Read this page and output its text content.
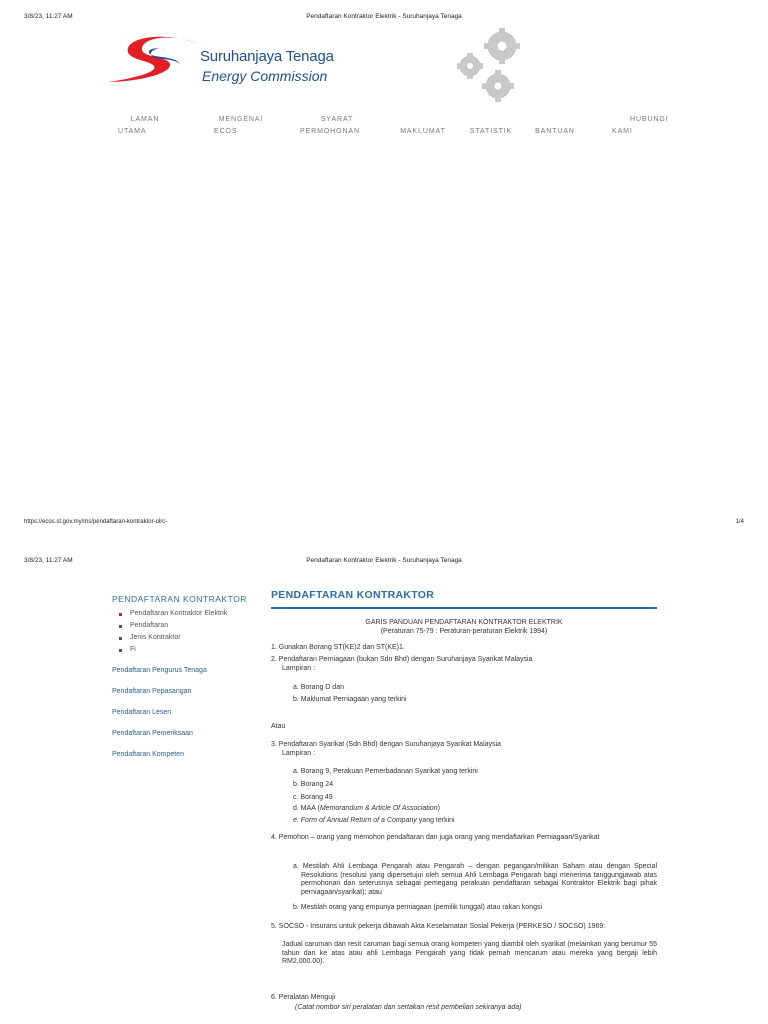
3/8/23, 11:27 AM	Pendaftaran Kontraktor Elektrik - Suruhanjaya Tenaga
Suruhanjaya Tenaga
Energy Commission
LAMAN
UTAMA
MENGENAI
ECOS
SYARAT
PERMOHONAN
	MAKLUMAT
	STATISTIK
	BANTUAN
HUBUNGI
KAMI
https://ecos.st.gov.my/ms/pendaftaran-kontraktor-olrc-	1/4
3/8/23, 11:27 AM	Pendaftaran Kontraktor Elektrik - Suruhanjaya Tenaga
PENDAFTARAN KONTRAKTOR
Pendaftaran Kontraktor Elektrik
Pendaftaran
Jenis Kontraktor
Fi
Pendaftaran Pengurus Tenaga
Pendaftaran Pepasangan
Pendaftaran Lesen
Pendaftaran Pemeriksaan
Pendaftaran Kompeten
PENDAFTARAN KONTRAKTOR
GARIS PANDUAN PENDAFTARAN KONTRAKTOR ELEKTRIK
(Peraturan 75-79 : Peraturan-peraturan Elektrik 1994)
1. Gunakan Borang ST(KE)2 dan ST(KE)1.
2. Pendaftaran Perniagaan (bukan Sdn Bhd) dengan Suruhanjaya Syarikat Malaysia
Lampiran :
a. Borang D dan
b. Maklumat Perniagaan yang terkini
Atau
3. Pendaftaran Syarikat (Sdn Bhd) dengan Suruhanjaya Syarikat Malaysia
Lampiran :
a. Borang 9, Perakuan Pemerbadanan Syarikat yang terkini
b. Borang 24
c. Borang 49
d. MAA (Memorandum & Article Of Association)
e. Form of Annual Return of a Company yang terkini
4. Pemohon – orang yang memohon pendaftaran dan juga orang yang mendaftarkan Perniagaan/Syarikat
a. Mestilah Ahli Lembaga Pengarah atau Pengarah – dengan pegangan/milikan Saham atau dengan Special Resolutions (resolusi yang dipersetujui oleh semua Ahli Lembaga Pengarah bagi menerima tanggungjawab atas permohonan dan seterusnya sebagai pemegang perakuan pendaftaran sebagai Kontraktor Elektrik bagi pihak perniagaan/syarikat); atau
b. Mestilah orang yang empunya perniagaan (pemilik tunggal) atau rakan kongsi
5. SOCSO - Insurans untuk pekerja dibawah Akta Keselamatan Sosial Pekerja (PERKESO / SOCSO) 1969:
Jadual caruman dan resit caruman bagi semua orang kompeten yang diambil oleh syarikat (melainkan yang berumur 55 tahun dan ke atas atau ahli Lembaga Pengarah yang tidak pernah mencarum atau mereka yang bergaji lebih RM2,000.00).
6. Peralatan Menguji
(Catat nombor siri peralatan dan sertakan resit pembelian sekiranya ada)
